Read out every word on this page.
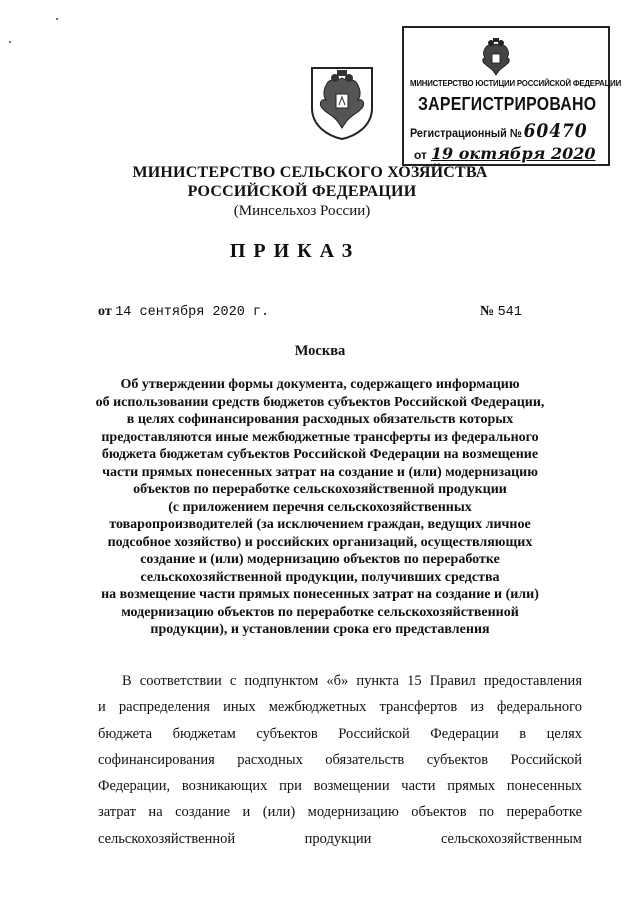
МИНИСТЕРСТВО ЮСТИЦИИ РОССИЙСКОЙ ФЕДЕРАЦИИ
ЗАРЕГИСТРИРОВАНО
Регистрационный №60470
от 19 октября 2020
МИНИСТЕРСТВО СЕЛЬСКОГО ХОЗЯЙСТВА
РОССИЙСКОЙ ФЕДЕРАЦИИ
(Минсельхоз России)
ПРИКАЗ
от 14 сентября 2020 г.	№ 541
Москва
Об утверждении формы документа, содержащего информацию
об использовании средств бюджетов субъектов Российской Федерации,
в целях софинансирования расходных обязательств которых
предоставляются иные межбюджетные трансферты из федерального
бюджета бюджетам субъектов Российской Федерации на возмещение
части прямых понесенных затрат на создание и (или) модернизацию
объектов по переработке сельскохозяйственной продукции
(с приложением перечня сельскохозяйственных
товаропроизводителей (за исключением граждан, ведущих личное
подсобное хозяйство) и российских организаций, осуществляющих
создание и (или) модернизацию объектов по переработке
сельскохозяйственной продукции, получивших средства
на возмещение части прямых понесенных затрат на создание и (или)
модернизацию объектов по переработке сельскохозяйственной
продукции), и установлении срока его представления
В соответствии с подпунктом «б» пункта 15 Правил предоставления
и распределения иных межбюджетных трансфертов из федерального
бюджета бюджетам субъектов Российской Федерации в целях
софинансирования расходных обязательств субъектов Российской
Федерации, возникающих при возмещении части прямых понесенных
затрат на создание и (или) модернизацию объектов по переработке
сельскохозяйственной продукции сельскохозяйственным
